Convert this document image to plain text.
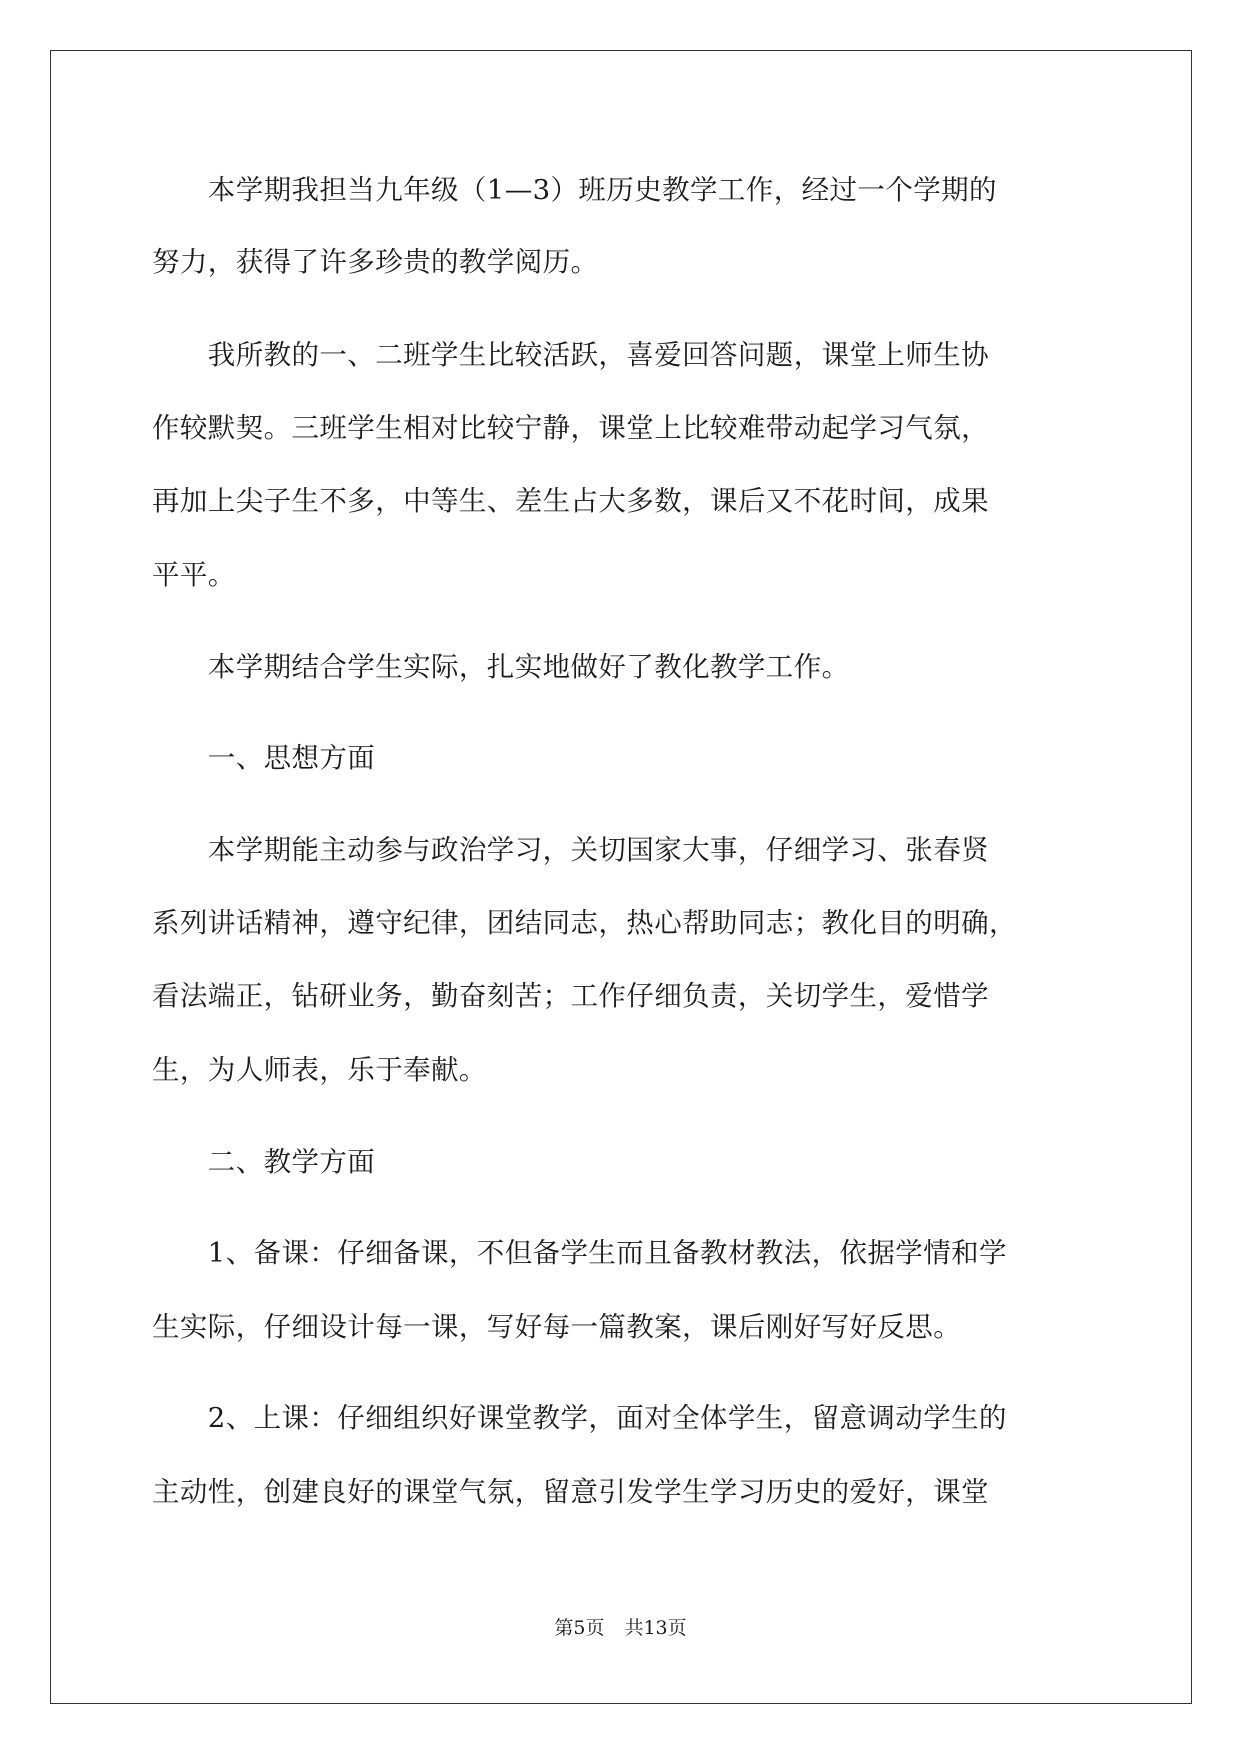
　　本学期我担当九年级（1—3）班历史教学工作，经过一个学期的
努力，获得了许多珍贵的教学阅历。
　　我所教的一、二班学生比较活跃，喜爱回答问题，课堂上师生协
作较默契。三班学生相对比较宁静，课堂上比较难带动起学习气氛，
再加上尖子生不多，中等生、差生占大多数，课后又不花时间，成果
平平。
　　本学期结合学生实际，扎实地做好了教化教学工作。
　　一、思想方面
　　本学期能主动参与政治学习，关切国家大事，仔细学习、张春贤
系列讲话精神，遵守纪律，团结同志，热心帮助同志；教化目的明确，
看法端正，钻研业务，勤奋刻苦；工作仔细负责，关切学生，爱惜学
生，为人师表，乐于奉献。
　　二、教学方面
　　1、备课：仔细备课，不但备学生而且备教材教法，依据学情和学
生实际，仔细设计每一课，写好每一篇教案，课后刚好写好反思。
　　2、上课：仔细组织好课堂教学，面对全体学生，留意调动学生的
主动性，创建良好的课堂气氛，留意引发学生学习历史的爱好，课堂
第5页 共13页
